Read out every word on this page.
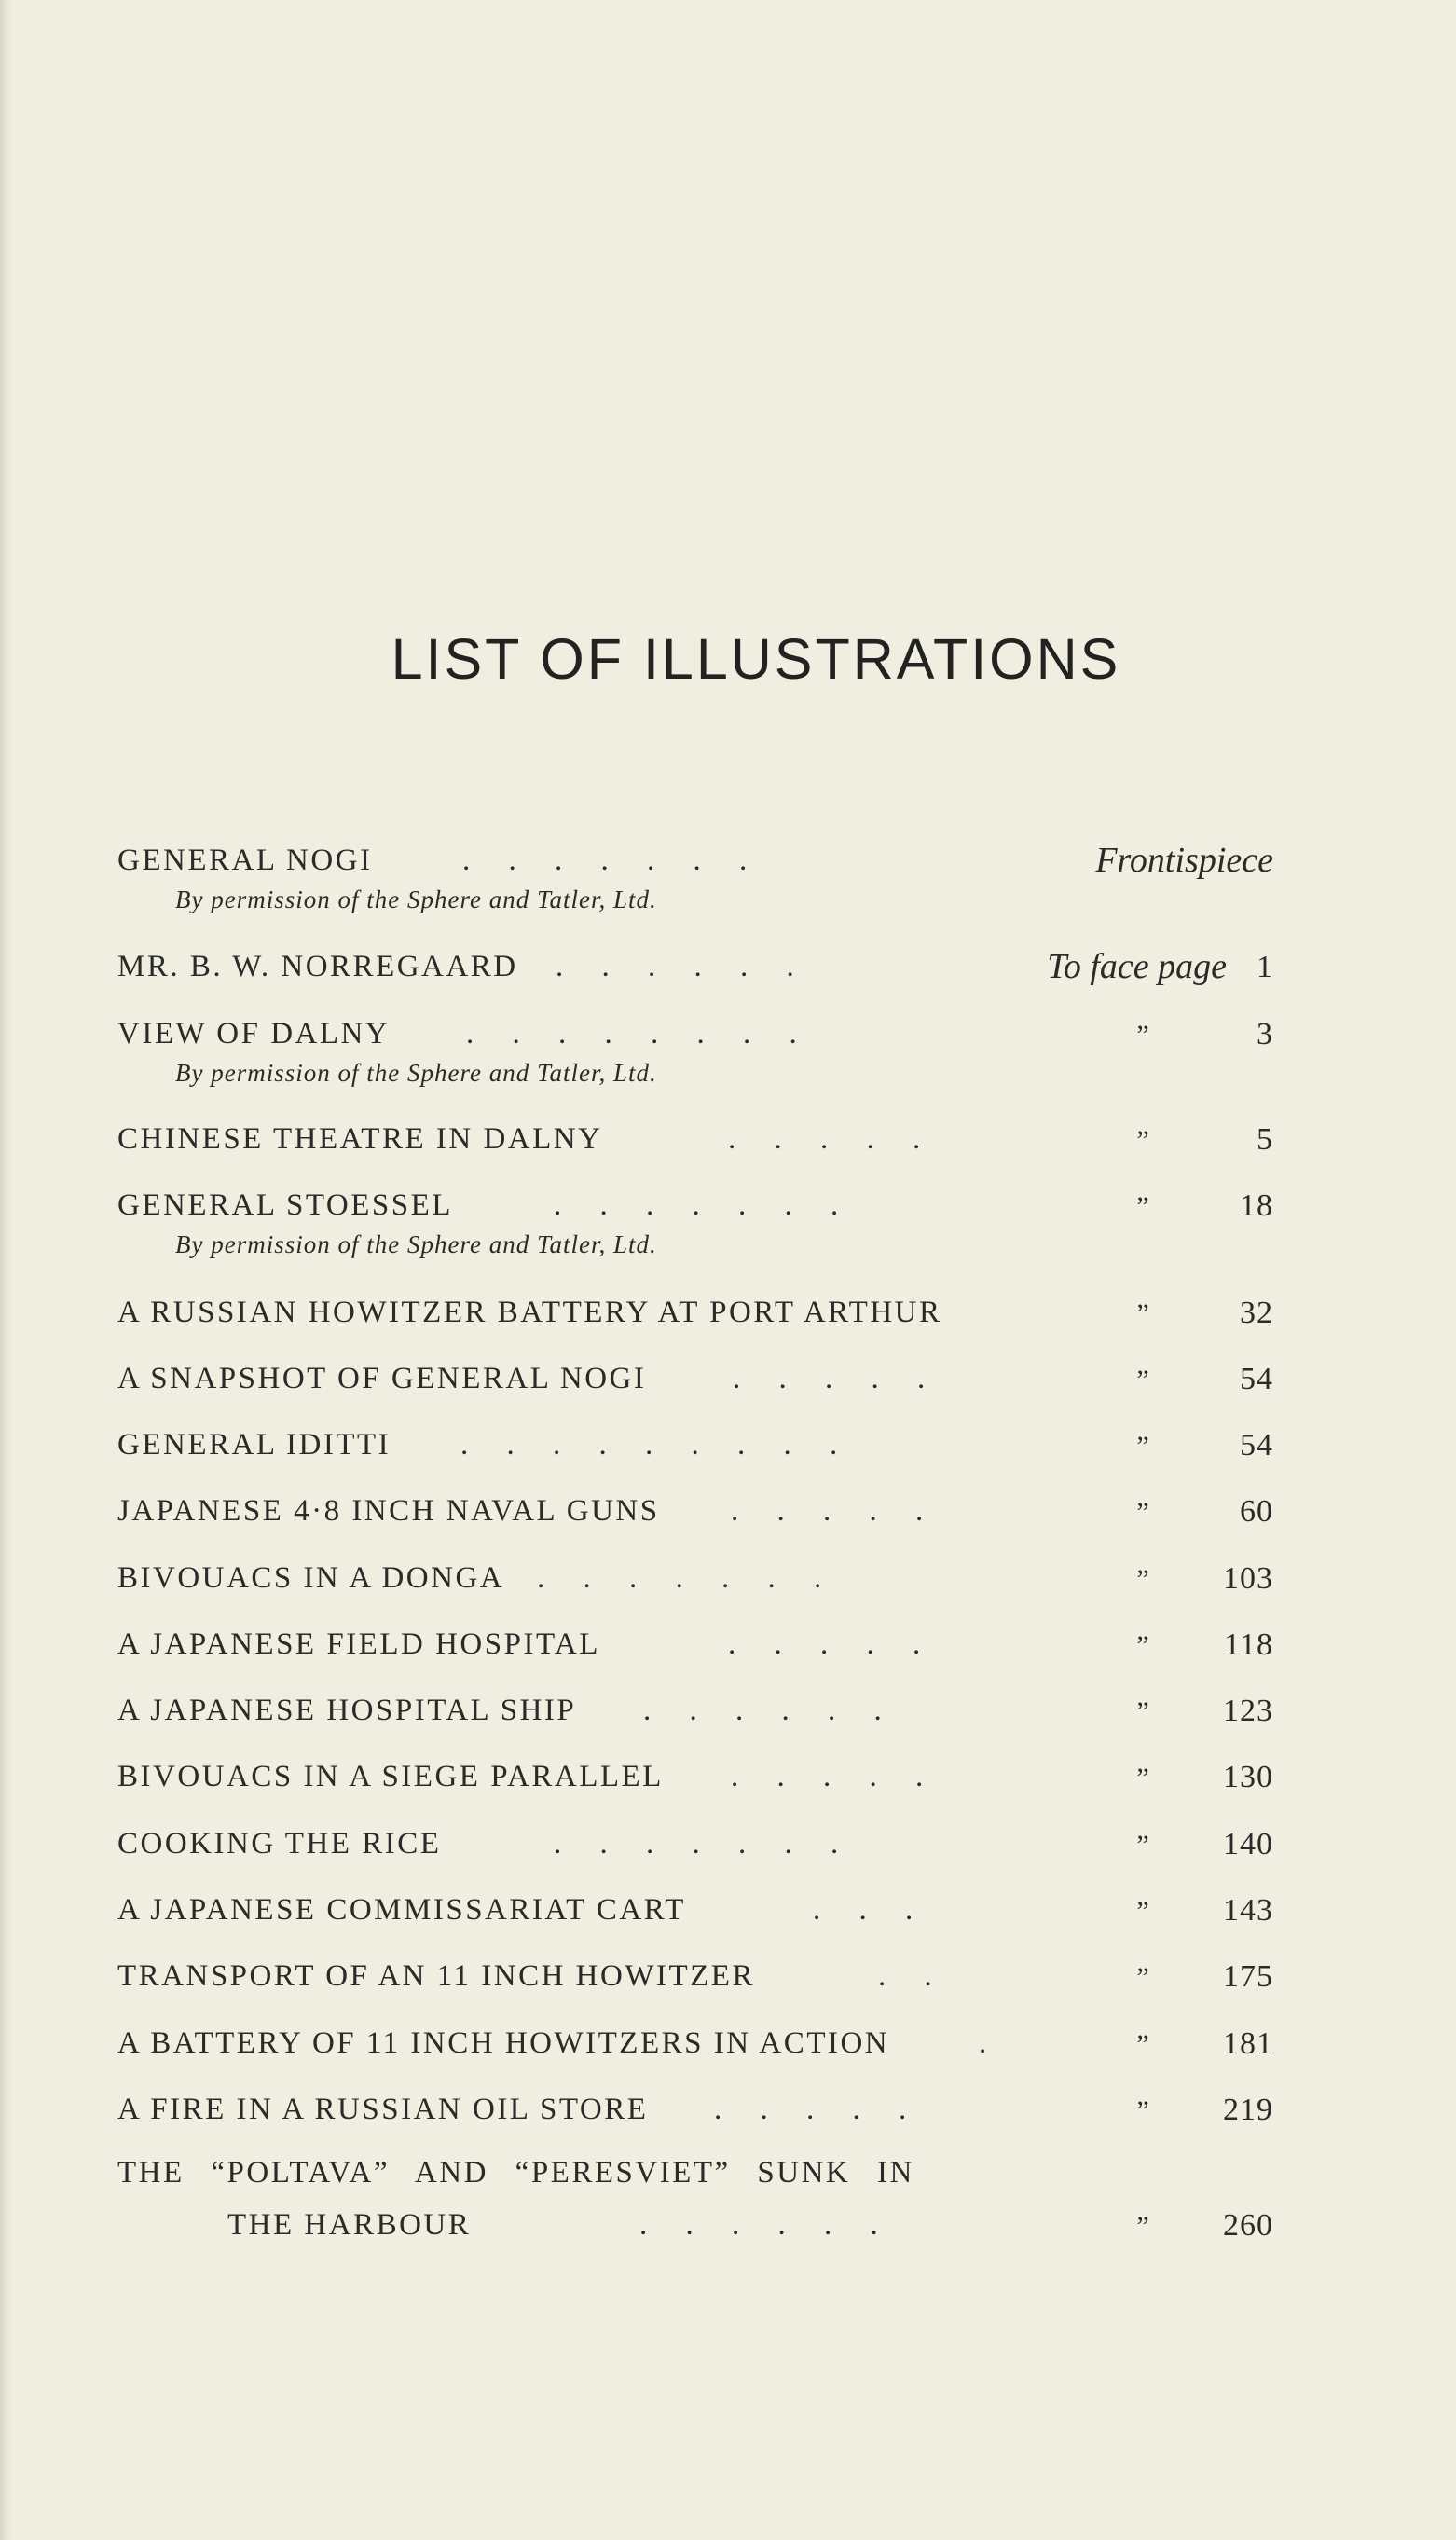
LIST OF ILLUSTRATIONS
GENERAL NOGI	.     .     .     .     .     .     .	Frontispiece
By permission of the Sphere and Tatler, Ltd.
MR. B. W. NORREGAARD .     .     .     .     .     .	To face page 1
VIEW OF DALNY .     .     .     .     .     .     .     .	”	3
By permission of the Sphere and Tatler, Ltd.
CHINESE THEATRE IN DALNY	.     .     .     .     .	”	5
GENERAL STOESSEL	.     .     .     .     .     .     .	”	18
By permission of the Sphere and Tatler, Ltd.
A RUSSIAN HOWITZER BATTERY AT PORT ARTHUR	”	32
A SNAPSHOT OF GENERAL NOGI	.     .     .     .     .	”	54
GENERAL IDITTI .     .     .     .     .     .     .     .     .	”	54
JAPANESE 4·8 INCH NAVAL GUNS .     .     .     .     .	”	60
BIVOUACS IN A DONGA .     .     .     .     .     .     .	”	103
A JAPANESE FIELD HOSPITAL	.     .     .     .     .	”	118
A JAPANESE HOSPITAL SHIP .     .     .     .     .     .	”	123
BIVOUACS IN A SIEGE PARALLEL .     .     .     .     .	”	130
COOKING THE RICE	.     .     .     .     .     .     .	”	140
A JAPANESE COMMISSARIAT CART	.     .     .	”	143
TRANSPORT OF AN 11 INCH HOWITZER	.     .	”	175
A BATTERY OF 11 INCH HOWITZERS IN ACTION	.	”	181
A FIRE IN A RUSSIAN OIL STORE .     .     .     .     .	”	219
THE “POLTAVA” AND “PERESVIET” SUNK IN
THE HARBOUR	.     .     .     .     .     .	”	260
